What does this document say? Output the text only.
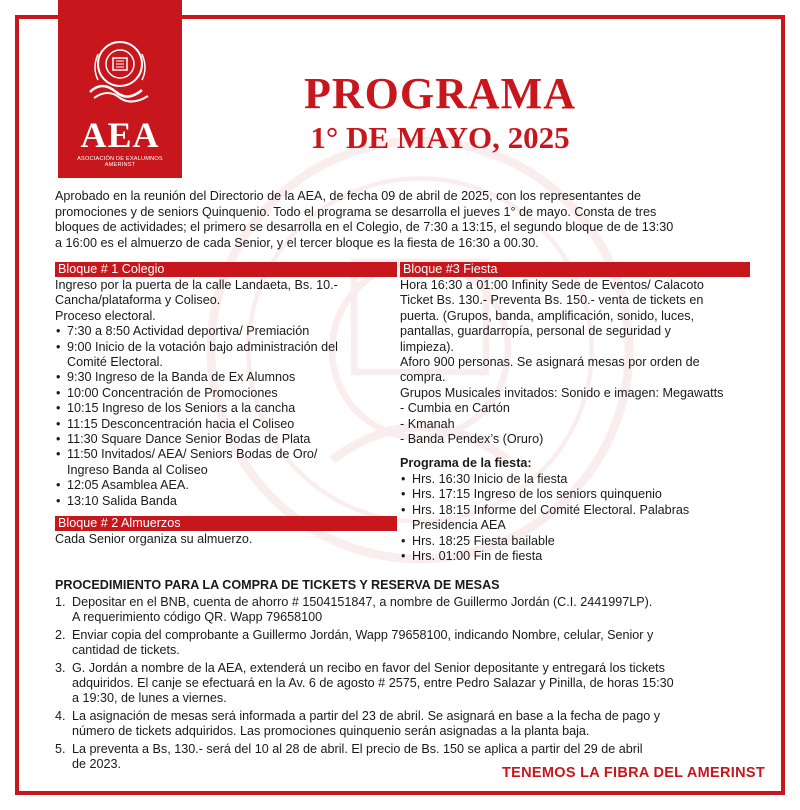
AEA
ASOCIACIÓN DE EXALUMNOS AMERINST
PROGRAMA
1° DE MAYO, 2025
Aprobado en la reunión del Directorio de la AEA, de fecha 09 de abril de 2025, con los representantes de
promociones y de seniors Quinquenio. Todo el programa se desarrolla el jueves 1° de mayo. Consta de tres
bloques de actividades; el primero se desarrolla en el Colegio, de 7:30 a 13:15, el segundo bloque de de 13:30
a 16:00 es el almuerzo de cada Senior, y el tercer bloque es la fiesta de 16:30 a 00.30.
Bloque # 1 Colegio
Ingreso por la puerta de la calle Landaeta, Bs. 10.-
Cancha/plataforma y Coliseo.
Proceso electoral.
• 7:30 a 8:50 Actividad deportiva/ Premiación
• 9:00 Inicio de la votación bajo administración del
Comité Electoral.
• 9:30 Ingreso de la Banda de Ex Alumnos
• 10:00 Concentración de Promociones
• 10:15 Ingreso de los Seniors a la cancha
• 11:15 Desconcentración hacia el Coliseo
• 11:30 Square Dance Senior Bodas de Plata
• 11:50 Invitados/ AEA/ Seniors Bodas de Oro/
Ingreso Banda al Coliseo
• 12:05 Asamblea AEA.
• 13:10 Salida Banda
Bloque # 2 Almuerzos
Cada Senior organiza su almuerzo.
Bloque #3 Fiesta
Hora 16:30 a 01:00 Infinity Sede de Eventos/ Calacoto
Ticket Bs. 130.- Preventa Bs. 150.- venta de tickets en
puerta. (Grupos, banda, amplificación, sonido, luces,
pantallas, guardarropía, personal de seguridad y
limpieza).
Aforo 900 personas. Se asignará mesas por orden de
compra.
Grupos Musicales invitados: Sonido e imagen: Megawatts
- Cumbia en Cartón
- Kmanah
- Banda Pendex’s (Oruro)
Programa de la fiesta:
• Hrs. 16:30 Inicio de la fiesta
• Hrs. 17:15 Ingreso de los seniors quinquenio
• Hrs. 18:15 Informe del Comité Electoral. Palabras
Presidencia AEA
• Hrs. 18:25 Fiesta bailable
• Hrs. 01:00 Fin de fiesta
PROCEDIMIENTO PARA LA COMPRA DE TICKETS Y RESERVA DE MESAS
1. Depositar en el BNB, cuenta de ahorro # 1504151847, a nombre de Guillermo Jordán (C.I. 2441997LP).
A requerimiento código QR. Wapp 79658100
2. Enviar copia del comprobante a Guillermo Jordán, Wapp 79658100, indicando Nombre, celular, Senior y
cantidad de tickets.
3. G. Jordán a nombre de la AEA, extenderá un recibo en favor del Senior depositante y entregará los tickets
adquiridos. El canje se efectuará en la Av. 6 de agosto # 2575, entre Pedro Salazar y Pinilla, de horas 15:30
a 19:30, de lunes a viernes.
4. La asignación de mesas será informada a partir del 23 de abril. Se asignará en base a la fecha de pago y
número de tickets adquiridos. Las promociones quinquenio serán asignadas a la planta baja.
5. La preventa a Bs, 130.- será del 10 al 28 de abril. El precio de Bs. 150 se aplica a partir del 29 de abril
de 2023.
TENEMOS LA FIBRA DEL AMERINST
